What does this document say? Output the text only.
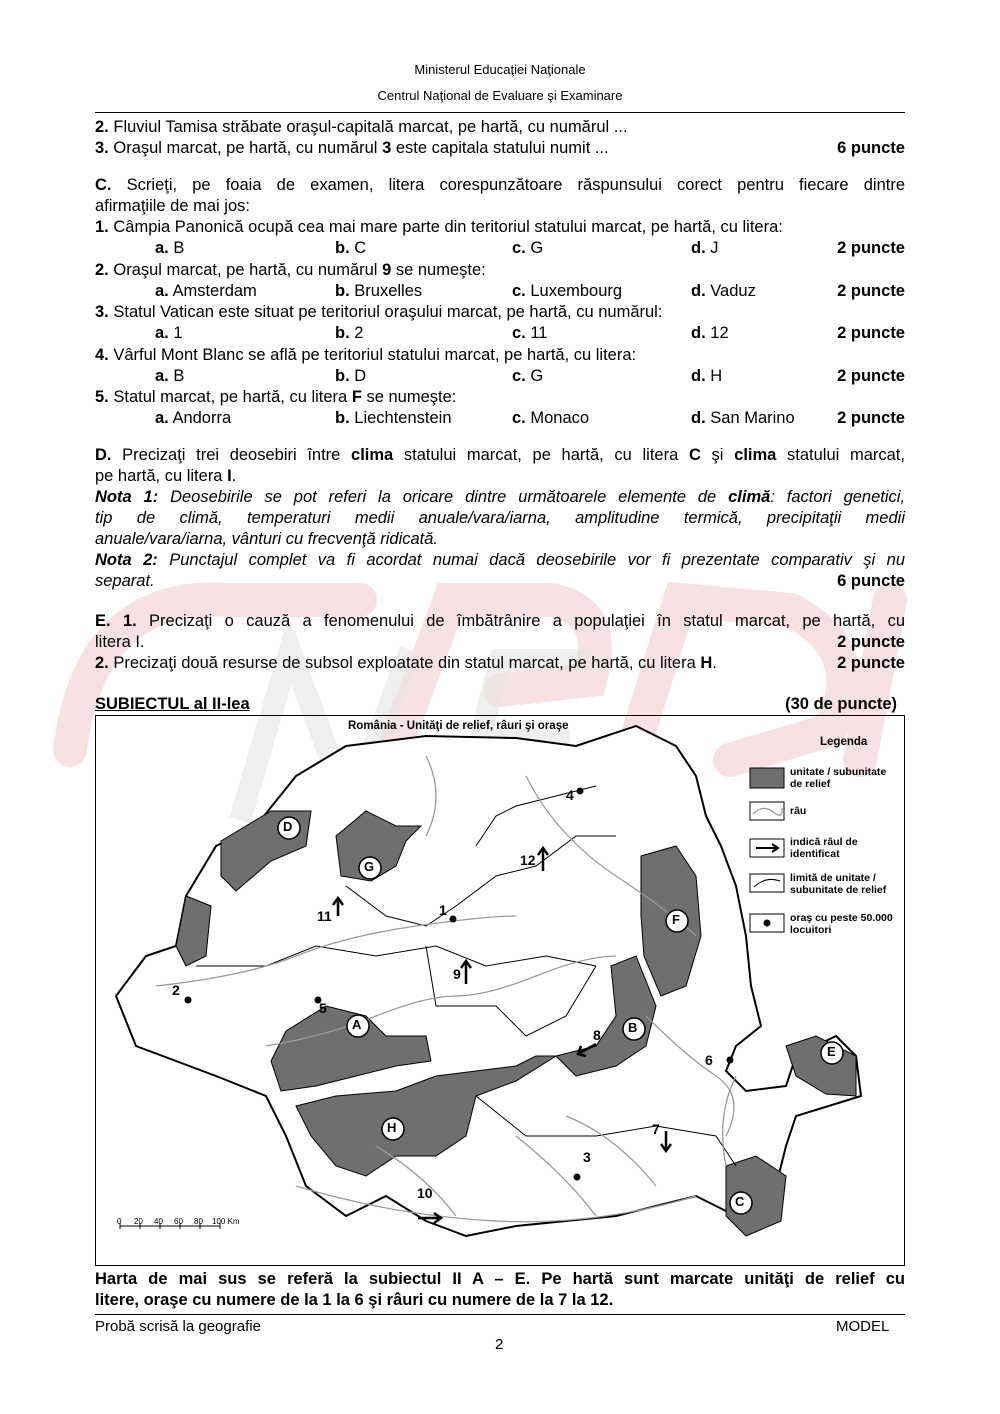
Ministerul Educaţiei Naţionale
Centrul Naţional de Evaluare şi Examinare
2. Fluviul Tamisa străbate oraşul-capitală marcat, pe hartă, cu numărul ...
3. Oraşul marcat, pe hartă, cu numărul 3 este capitala statului numit ...	6 puncte
C. Scrieţi, pe foaia de examen, litera corespunzătoare răspunsului corect pentru fiecare dintre
afirmaţiile de mai jos:
1. Câmpia Panonică ocupă cea mai mare parte din teritoriul statului marcat, pe hartă, cu litera:
a. B	b. C	c. G	d. J	2 puncte
2. Oraşul marcat, pe hartă, cu numărul 9 se numeşte:
a. Amsterdam	b. Bruxelles	c. Luxembourg	d. Vaduz	2 puncte
3. Statul Vatican este situat pe teritoriul oraşului marcat, pe hartă, cu numărul:
a. 1	b. 2	c. 11	d. 12	2 puncte
4. Vârful Mont Blanc se află pe teritoriul statului marcat, pe hartă, cu litera:
a. B	b. D	c. G	d. H	2 puncte
5. Statul marcat, pe hartă, cu litera F se numeşte:
a. Andorra	b. Liechtenstein	c. Monaco	d. San Marino	2 puncte
D. Precizaţi trei deosebiri între clima statului marcat, pe hartă, cu litera C şi clima statului marcat,
pe hartă, cu litera I.
Nota 1: Deosebirile se pot referi la oricare dintre următoarele elemente de climă: factori genetici,
tip de climă, temperaturi medii anuale/vara/iarna, amplitudine termică, precipitaţii medii
anuale/vara/iarna, vânturi cu frecvenţă ridicată.
Nota 2: Punctajul complet va fi acordat numai dacă deosebirile vor fi prezentate comparativ şi nu
separat.	6 puncte
E. 1. Precizaţi o cauză a fenomenului de îmbătrânire a populaţiei în statul marcat, pe hartă, cu
litera I.	2 puncte
2. Precizaţi două resurse de subsol exploatate din statul marcat, pe hartă, cu litera H.	2 puncte
SUBIECTUL al II-lea	(30 de puncte)
România - Unităţi de relief, râuri şi oraşe
Legenda
unitate / subunitate de relief
râu
indică râul de identificat
limită de unitate / subunitate de relief
oraş cu peste 50.000 locuitori
A	B
C
D
E
F
G
H
1
2
3
4
5
6
7
8
9
10
11
12
0 20 40 60 80 100 Km
Harta de mai sus se referă la subiectul II A – E. Pe hartă sunt marcate unităţi de relief cu
litere, oraşe cu numere de la 1 la 6 şi râuri cu numere de la 7 la 12.
Probă scrisă la geografie	MODEL
2
